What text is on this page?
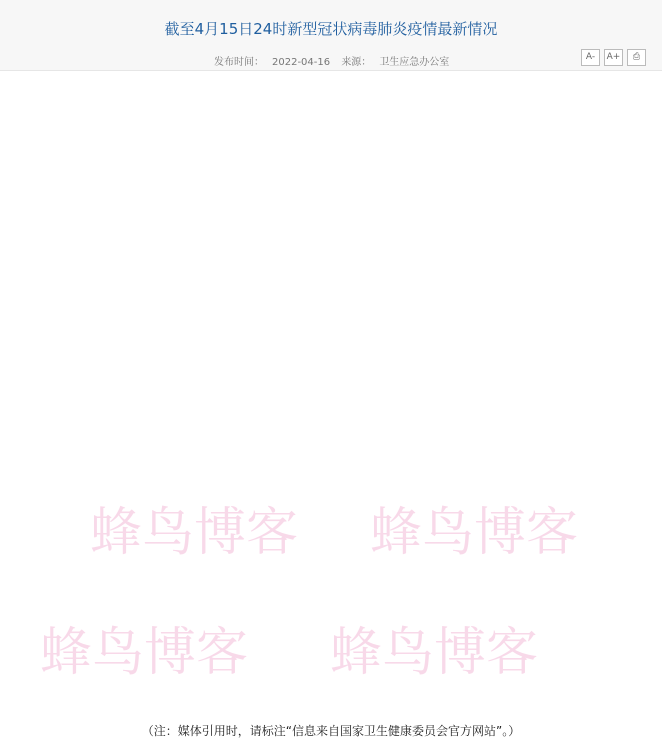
截至4月15日24时新型冠状病毒肺炎疫情最新情况
发布时间： 2022-04-16 来源： 卫生应急办公室	A-	A+	⎙

（注：媒体引用时，请标注“信息来自国家卫生健康委员会官方网站”。）
蜂鸟博客 蜂鸟博客
蜂鸟博客 蜂鸟博客
